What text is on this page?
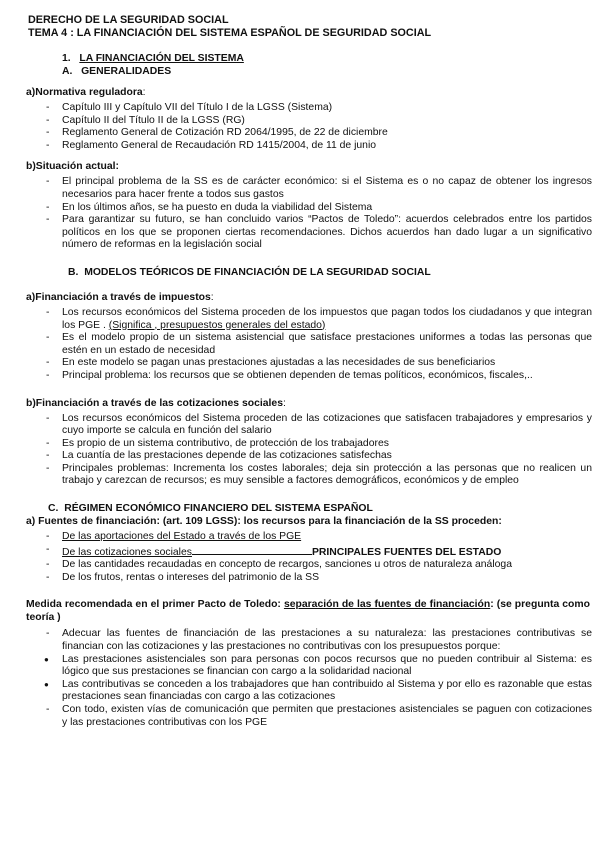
DERECHO DE LA SEGURIDAD SOCIAL
TEMA 4 : LA FINANCIACIÓN DEL SISTEMA ESPAÑOL DE SEGURIDAD SOCIAL
1. LA FINANCIACIÓN DEL SISTEMA
A. GENERALIDADES
a)Normativa reguladora:
- Capítulo III y Capítulo VII del Título I de la LGSS (Sistema)
- Capítulo II del Título II de la LGSS (RG)
- Reglamento General de Cotización RD 2064/1995, de 22 de diciembre
- Reglamento General de Recaudación RD 1415/2004, de 11 de junio
b)Situación actual:
- El principal problema de la SS es de carácter económico: si el Sistema es o no capaz de obtener los ingresos necesarios para hacer frente a todos sus gastos
- En los últimos años, se ha puesto en duda la viabilidad del Sistema
- Para garantizar su futuro, se han concluido varios “Pactos de Toledo”: acuerdos celebrados entre los partidos políticos en los que se proponen ciertas recomendaciones. Dichos acuerdos han dado lugar a un significativo número de reformas en la legislación social
B. MODELOS TEÓRICOS DE FINANCIACIÓN DE LA SEGURIDAD SOCIAL
a)Financiación a través de impuestos:
- Los recursos económicos del Sistema proceden de los impuestos que pagan todos los ciudadanos y que integran los PGE . (Significa , presupuestos generales del estado)
- Es el modelo propio de un sistema asistencial que satisface prestaciones uniformes a todas las personas que estén en un estado de necesidad
- En este modelo se pagan unas prestaciones ajustadas a las necesidades de sus beneficiarios
- Principal problema: los recursos que se obtienen dependen de temas políticos, económicos, fiscales,..
b)Financiación a través de las cotizaciones sociales:
- Los recursos económicos del Sistema proceden de las cotizaciones que satisfacen trabajadores y empresarios y cuyo importe se calcula en función del salario
- Es propio de un sistema contributivo, de protección de los trabajadores
- La cuantía de las prestaciones depende de las cotizaciones satisfechas
- Principales problemas: Incrementa los costes laborales; deja sin protección a las personas que no realicen un trabajo y carezcan de recursos; es muy sensible a factores demográficos, económicos y de empleo
C. RÉGIMEN ECONÓMICO FINANCIERO DEL SISTEMA ESPAÑOL
a) Fuentes de financiación: (art. 109 LGSS): los recursos para la financiación de la SS proceden:
- De las aportaciones del Estado a través de los PGE
- De las cotizaciones sociales	PRINCIPALES FUENTES DEL ESTADO
- De las cantidades recaudadas en concepto de recargos, sanciones u otros de naturaleza análoga
- De los frutos, rentas o intereses del patrimonio de la SS
Medida recomendada en el primer Pacto de Toledo: separación de las fuentes de financiación: (se pregunta como teoría )
- Adecuar las fuentes de financiación de las prestaciones a su naturaleza: las prestaciones contributivas se financian con las cotizaciones y las prestaciones no contributivas con los presupuestos porque:
● Las prestaciones asistenciales son para personas con pocos recursos que no pueden contribuir al Sistema: es lógico que sus prestaciones se financian con cargo a la solidaridad nacional
● Las contributivas se conceden a los trabajadores que han contribuido al Sistema y por ello es razonable que estas prestaciones sean financiadas con cargo a las cotizaciones
- Con todo, existen vías de comunicación que permiten que prestaciones asistenciales se paguen con cotizaciones y las prestaciones contributivas con los PGE
